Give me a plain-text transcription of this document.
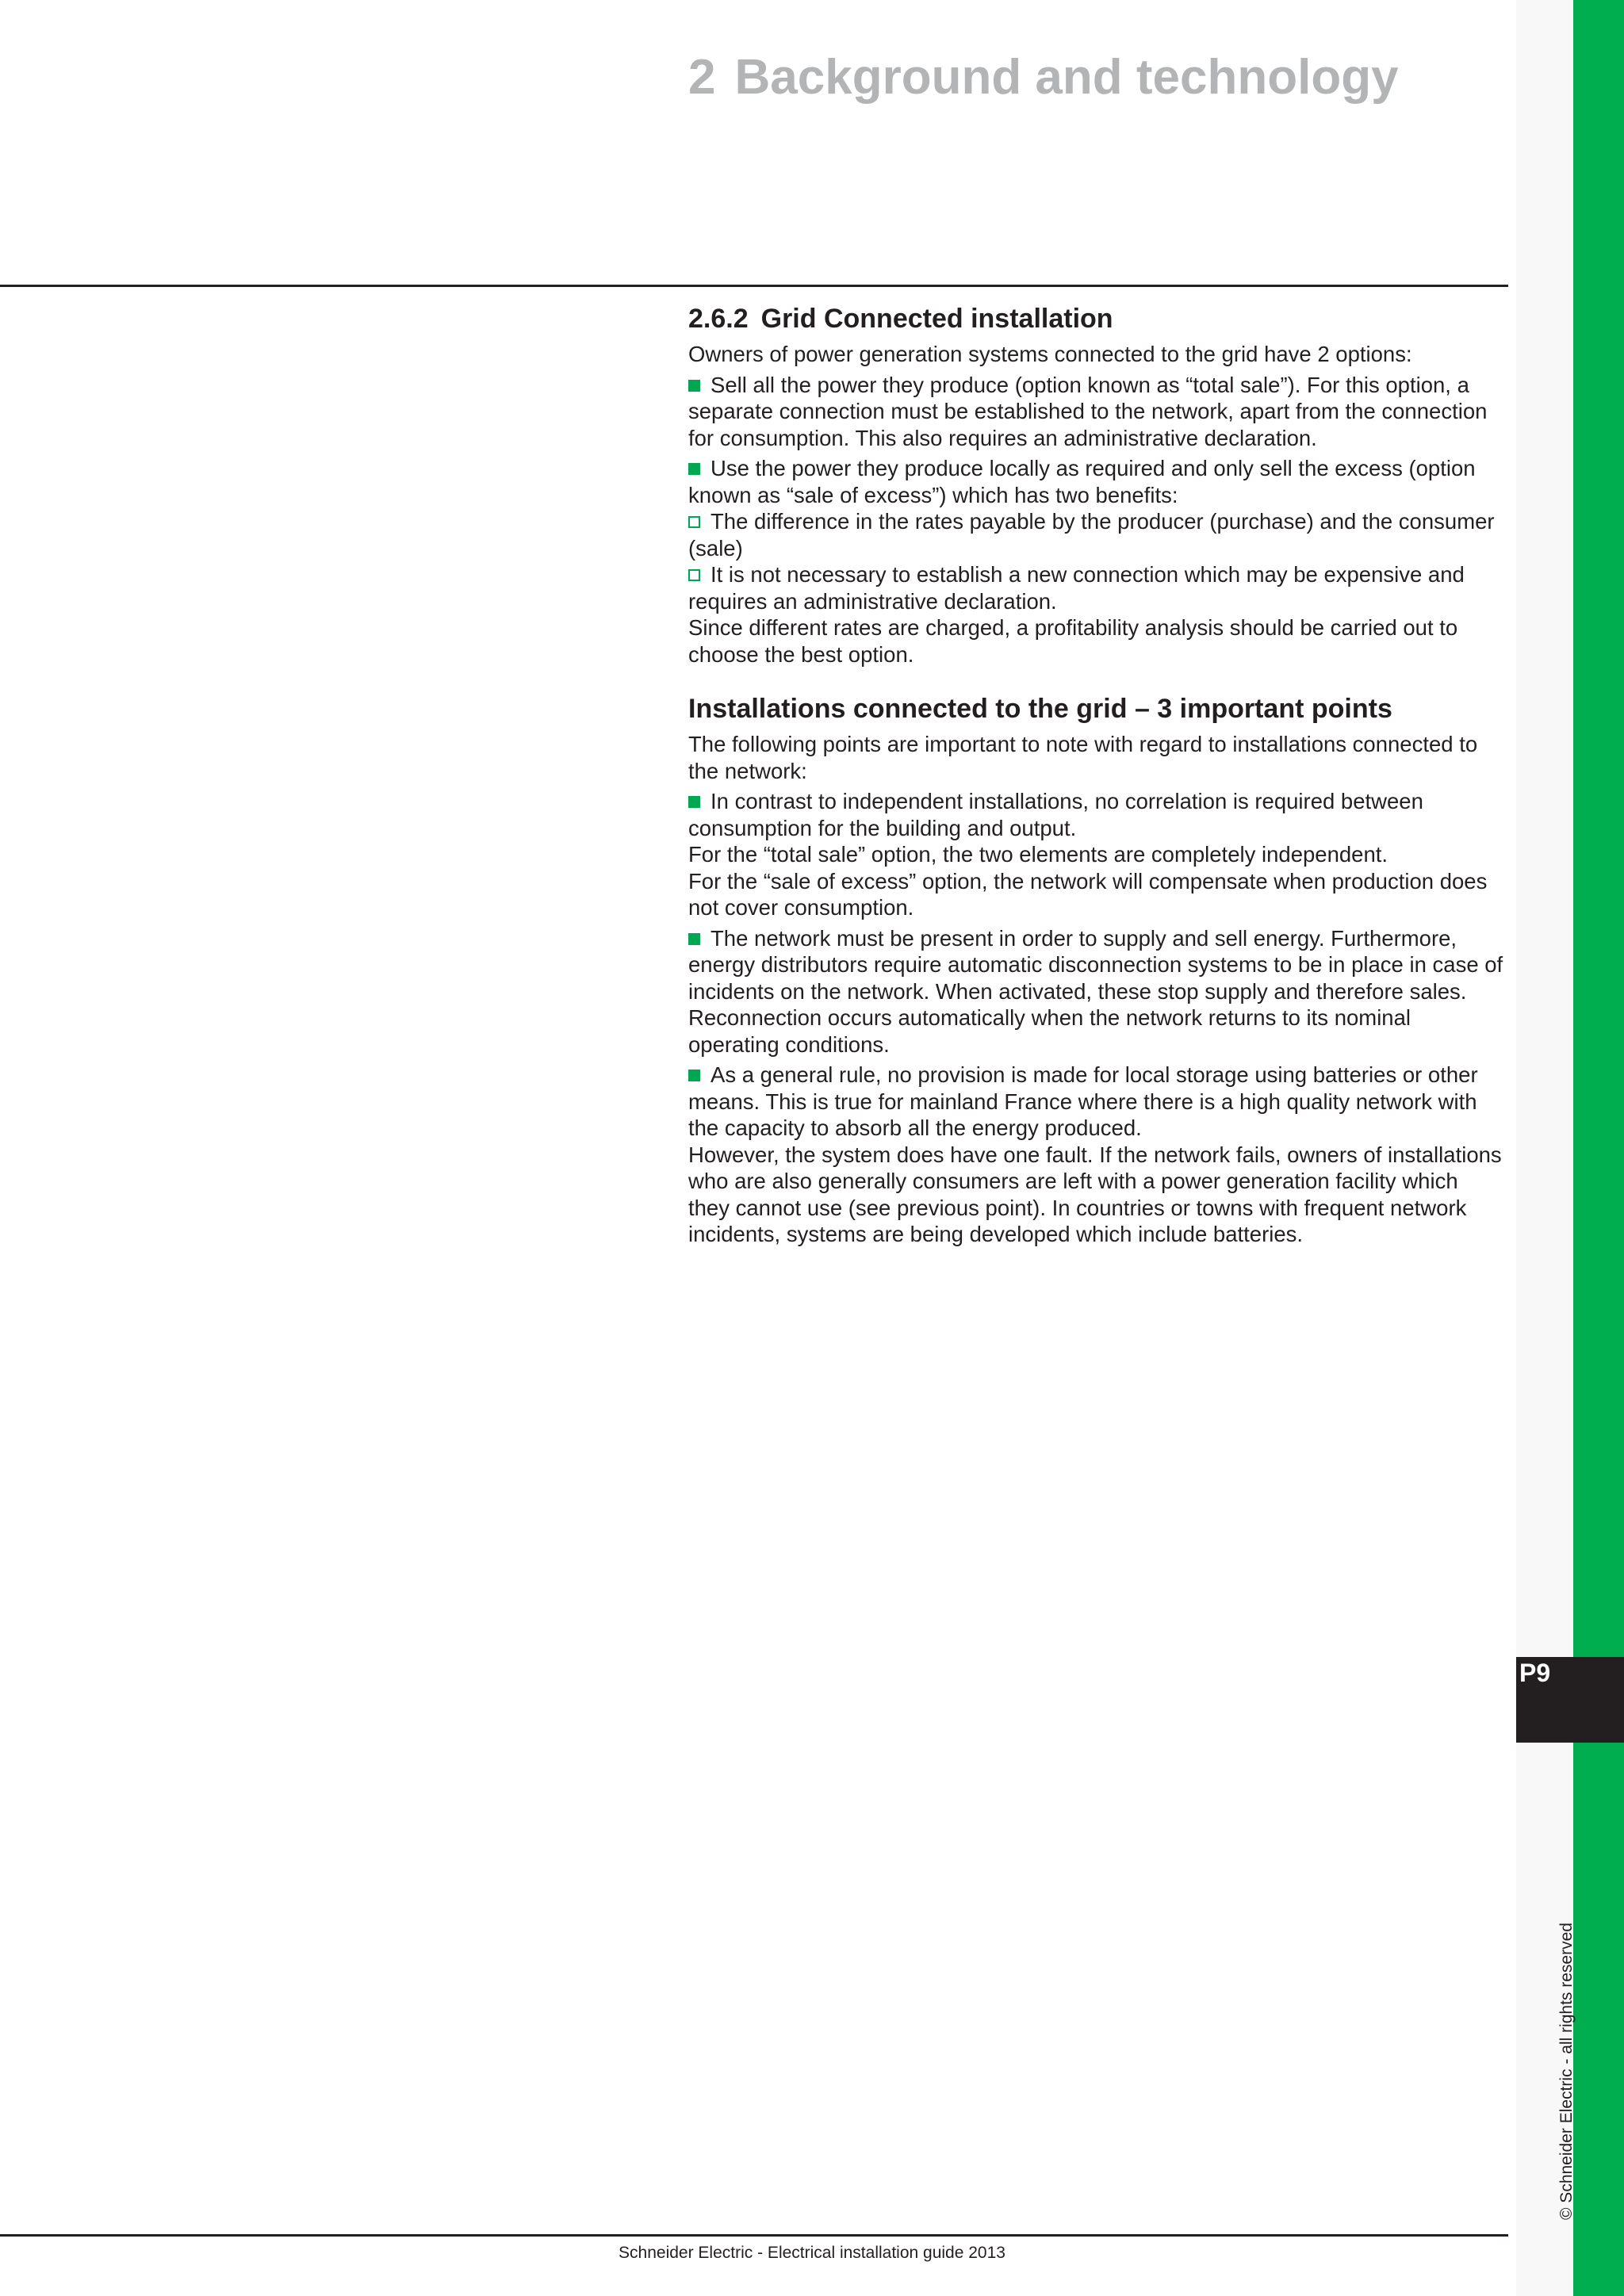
2 Background and technology
2.6.2 Grid Connected installation

Owners of power generation systems connected to the grid have 2 options:

Sell all the power they produce (option known as “total sale”). For this option, a separate connection must be established to the network, apart from the connection for consumption. This also requires an administrative declaration.

Use the power they produce locally as required and only sell the excess (option known as “sale of excess”) which has two benefits:

The difference in the rates payable by the producer (purchase) and the consumer (sale)

It is not necessary to establish a new connection which may be expensive and requires an administrative declaration.

Since different rates are charged, a profitability analysis should be carried out to choose the best option.

Installations connected to the grid – 3 important points

The following points are important to note with regard to installations connected to the network:

In contrast to independent installations, no correlation is required between consumption for the building and output.

For the “total sale” option, the two elements are completely independent.

For the “sale of excess” option, the network will compensate when production does not cover consumption.

The network must be present in order to supply and sell energy. Furthermore, energy distributors require automatic disconnection systems to be in place in case of incidents on the network. When activated, these stop supply and therefore sales. Reconnection occurs automatically when the network returns to its nominal operating conditions.

As a general rule, no provision is made for local storage using batteries or other means. This is true for mainland France where there is a high quality network with the capacity to absorb all the energy produced.

However, the system does have one fault. If the network fails, owners of installations who are also generally consumers are left with a power generation facility which they cannot use (see previous point). In countries or towns with frequent network incidents, systems are being developed which include batteries.

P9
© Schneider Electric - all rights reserved
Schneider Electric - Electrical installation guide 2013
